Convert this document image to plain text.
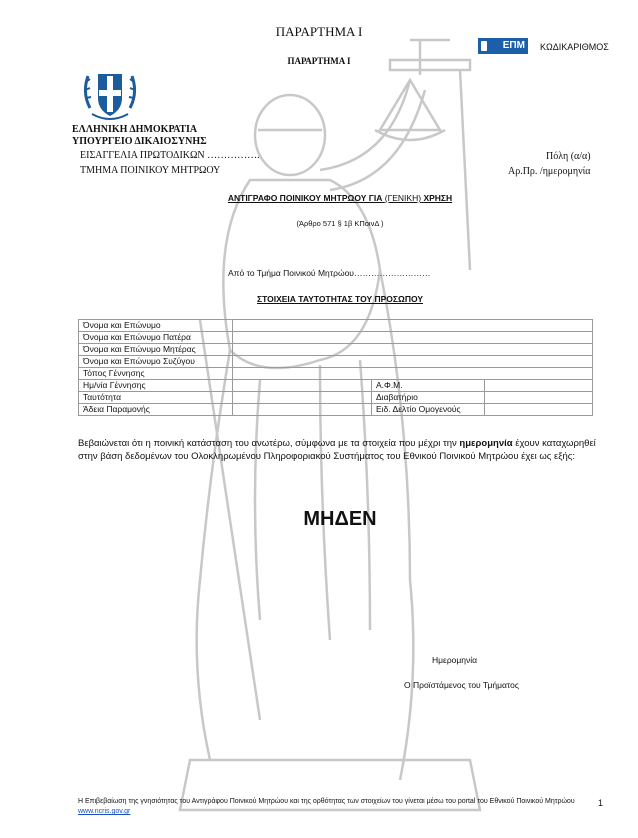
ΠΑΡΑΡΤΗΜΑ Ι
ΠΑΡΑΡΤΗΜΑ Ι
ΕΠΜ	ΚΩΔΙΚΑΡΙΘΜΟΣ
ΕΛΛΗΝΙΚΗ ΔΗΜΟΚΡΑΤΙΑ
ΥΠΟΥΡΓΕΙΟ ΔΙΚΑΙΟΣΥΝΗΣ
ΕΙΣΑΓΓΕΛΙΑ ΠΡΩΤΟΔΙΚΩΝ …………….
ΤΜΗΜΑ ΠΟΙΝΙΚΟΥ ΜΗΤΡΩΟΥ
Πόλη (α/α)
Αρ.Πρ. /ημερομηνία
ΑΝΤΙΓΡΑΦΟ ΠΟΙΝΙΚΟΥ ΜΗΤΡΩΟΥ ΓΙΑ (ΓΕΝΙΚΗ) ΧΡΗΣΗ
(Άρθρο 571 § 1β ΚΠοινΔ )
Από το Τμήμα Ποινικού Μητρώου………………………
ΣΤΟΙΧΕΙΑ ΤΑΥΤΟΤΗΤΑΣ ΤΟΥ ΠΡΟΣΩΠΟΥ
Όνομα και Επώνυμο			
Όνομα και Επώνυμο Πατέρα			
Όνομα και Επώνυμο Μητέρας			
Όνομα και Επώνυμο Συζύγου			
Τόπος Γέννησης			
Ημ/νία Γέννησης		Α.Φ.Μ.	
Ταυτότητα		Διαβατήριο	
Άδεια Παραμονής		Ειδ. Δελτίο Ομογενούς	
Βεβαιώνεται ότι η ποινική κατάσταση του ανωτέρω, σύμφωνα με τα στοιχεία που μέχρι την ημερομηνία έχουν καταχωρηθεί στην βάση δεδομένων του Ολοκληρωμένου Πληροφοριακού Συστήματος του Εθνικού Ποινικού Μητρώου έχει ως εξής:
ΜΗΔΕΝ
Ημερομηνία
Ο Προϊστάμενος του Τμήματος
Η Επιβεβαίωση της γνησιότητας του Αντιγράφου Ποινικού Μητρώου και της ορθότητας των στοιχείων του γίνεται μέσω του portal του Εθνικού Ποινικού Μητρώου www.ncris.gov.gr
1
